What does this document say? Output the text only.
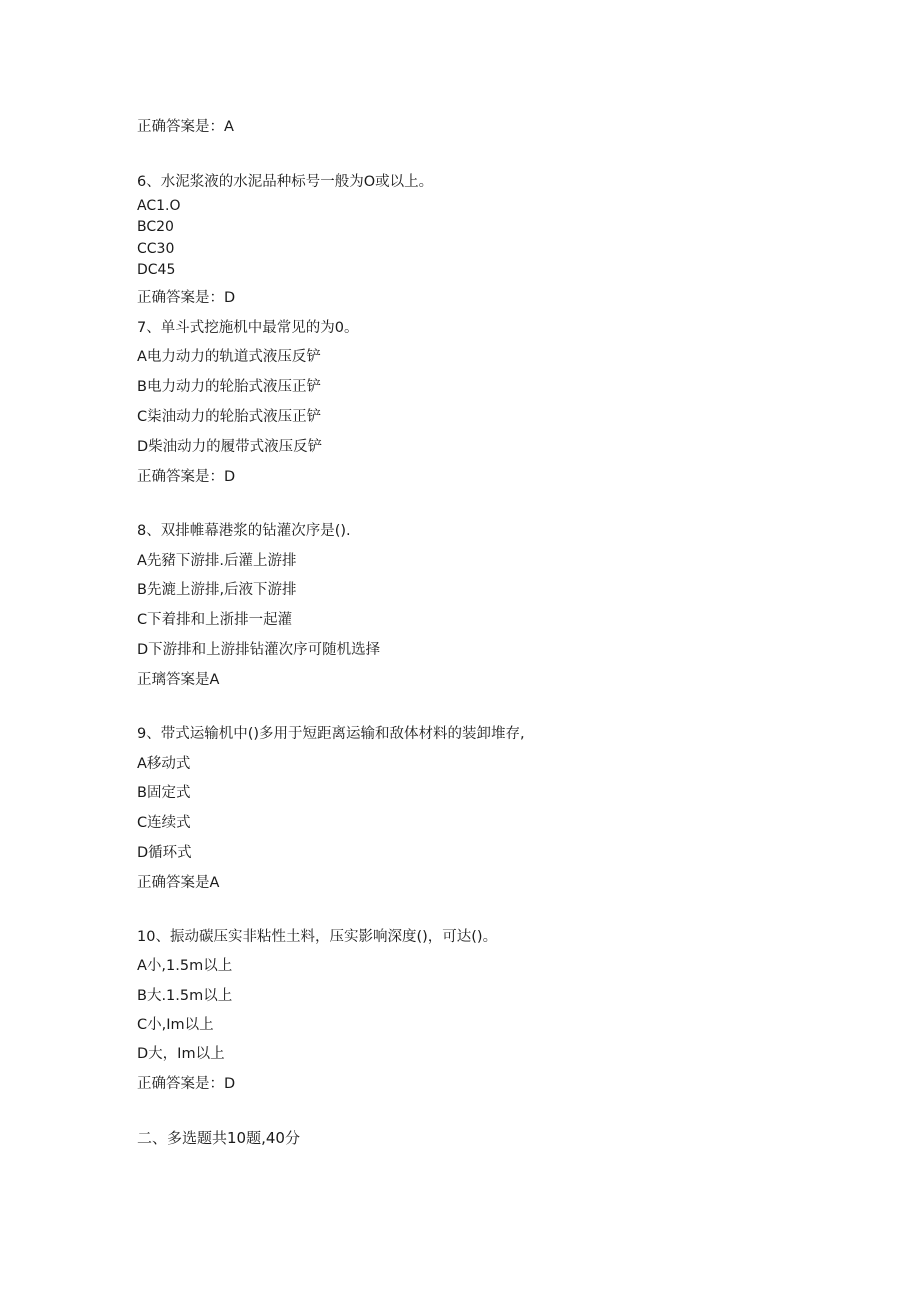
正确答案是：A
6、水泥浆液的水泥品种标号一般为O或以上。
AC1.O
BC20
CC30
DC45
正确答案是：D
7、单斗式挖施机中最常见的为0。
A电力动力的轨道式液压反铲
B电力动力的轮胎式液压正铲
C柒油动力的轮胎式液压正铲
D柴油动力的履带式液压反铲
正确答案是：D
8、双排帷幕港浆的钻灌次序是().
A先豬下游排.后灌上游排
B先漉上游排,后液下游排
C下着排和上浙排一起灌
D下游排和上游排钻灌次序可随机选择
正璃答案是A
9、带式运输机中()多用于短距离运输和敌体材料的装卸堆存,
A移动式
B固定式
C连续式
D循环式
正确答案是A
10、振动碳压实非粘性土料，压实影响深度()，可达()。
A小,1.5m以上
B大.1.5m以上
C小,Im以上
D大，Im以上
正确答案是：D
二、多选题共10题,40分
